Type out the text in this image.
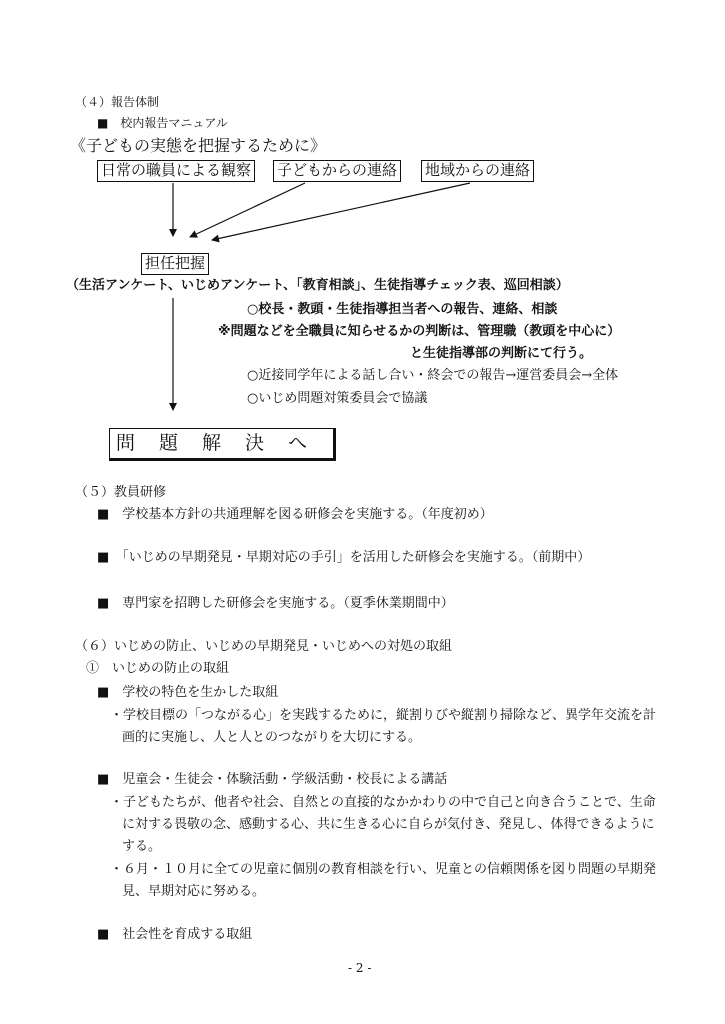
（４）報告体制
■　校内報告マニュアル
《子どもの実態を把握するために》
日常の職員による観察 子どもからの連絡 地域からの連絡
担任把握
（生活アンケート、いじめアンケート、「教育相談」、生徒指導チェック表、巡回相談）
○校長・教頭・生徒指導担当者への報告、連絡、相談
※問題などを全職員に知らせるかの判断は、管理職（教頭を中心に）
と生徒指導部の判断にて行う。
○近接同学年による話し合い・終会での報告→運営委員会→全体
○いじめ問題対策委員会で協議
問題解決へ
（５）教員研修
■　学校基本方針の共通理解を図る研修会を実施する。（年度初め）
■　「いじめの早期発見・早期対応の手引」を活用した研修会を実施する。（前期中）
■　専門家を招聘した研修会を実施する。（夏季休業期間中）
（６）いじめの防止、いじめの早期発見・いじめへの対処の取組
①　いじめの防止の取組
■　学校の特色を生かした取組
・学校目標の「つながる心」を実践するために，縦割りびや縦割り掃除など、異学年交流を計
画的に実施し、人と人とのつながりを大切にする。
■　児童会・生徒会・体験活動・学級活動・校長による講話
・子どもたちが、他者や社会、自然との直接的なかかわりの中で自己と向き合うことで、生命
に対する畏敬の念、感動する心、共に生きる心に自らが気付き、発見し、体得できるように
する。
・６月・１０月に全ての児童に個別の教育相談を行い、児童との信頼関係を図り問題の早期発
見、早期対応に努める。
■　社会性を育成する取組
- 2 -
